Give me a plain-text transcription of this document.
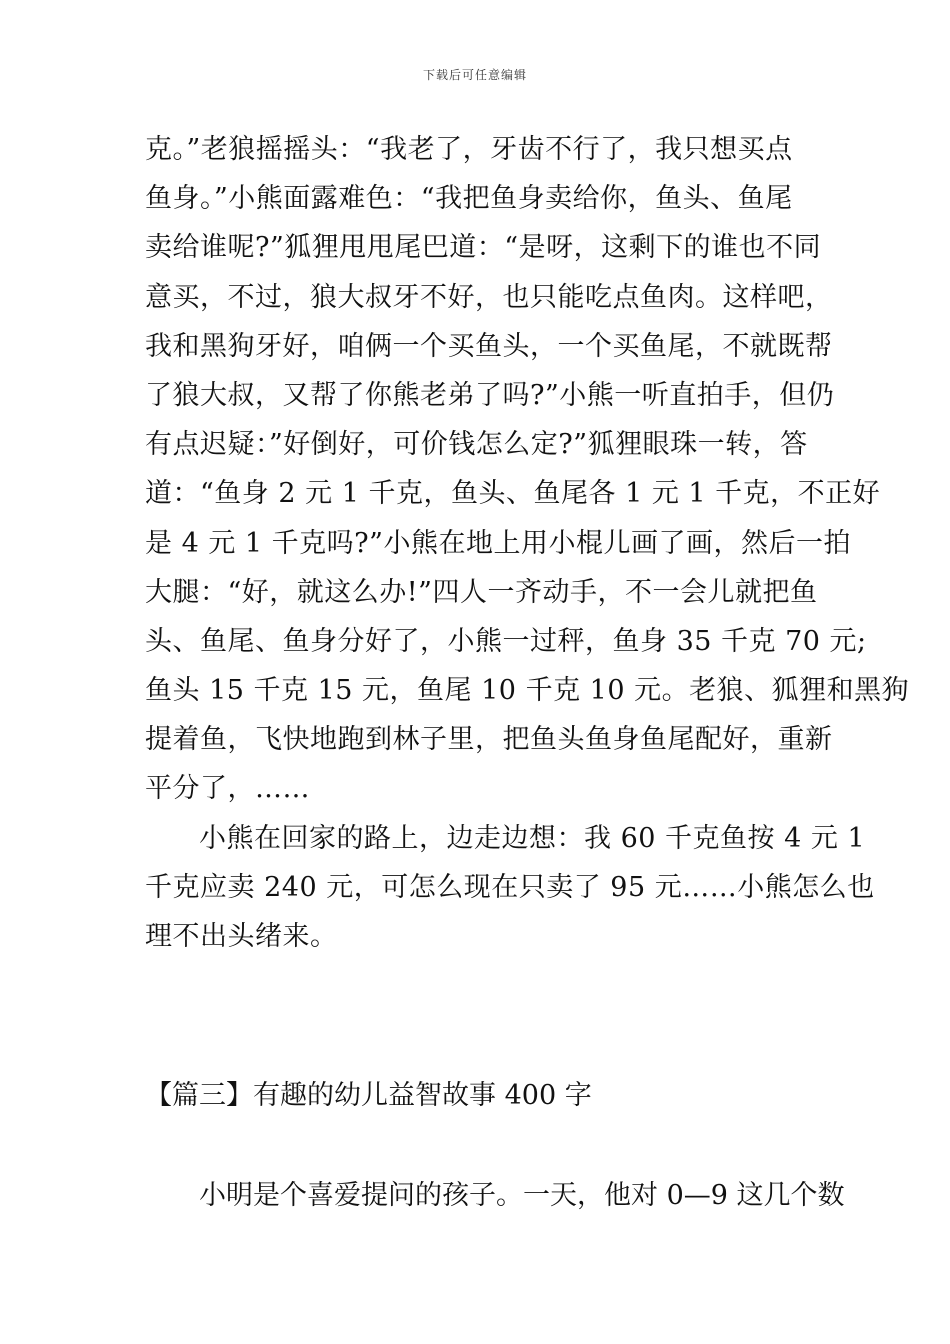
下载后可任意编辑
克。”老狼摇摇头：“我老了，牙齿不行了，我只想买点
鱼身。”小熊面露难色：“我把鱼身卖给你，鱼头、鱼尾
卖给谁呢?”狐狸甩甩尾巴道：“是呀，这剩下的谁也不同
意买，不过，狼大叔牙不好，也只能吃点鱼肉。这样吧，
我和黑狗牙好，咱俩一个买鱼头，一个买鱼尾，不就既帮
了狼大叔，又帮了你熊老弟了吗?”小熊一听直拍手，但仍
有点迟疑：”好倒好，可价钱怎么定?”狐狸眼珠一转，答
道：“鱼身 2 元 1 千克，鱼头、鱼尾各 1 元 1 千克，不正好
是 4 元 1 千克吗?”小熊在地上用小棍儿画了画，然后一拍
大腿：“好，就这么办!”四人一齐动手，不一会儿就把鱼
头、鱼尾、鱼身分好了，小熊一过秤，鱼身 35 千克 70 元;
鱼头 15 千克 15 元，鱼尾 10 千克 10 元。老狼、狐狸和黑狗
提着鱼，飞快地跑到林子里，把鱼头鱼身鱼尾配好，重新
平分了，……
小熊在回家的路上，边走边想：我 60 千克鱼按 4 元 1
千克应卖 240 元，可怎么现在只卖了 95 元……小熊怎么也
理不出头绪来。
【篇三】有趣的幼儿益智故事 400 字
小明是个喜爱提问的孩子。一天，他对 0—9 这几个数
